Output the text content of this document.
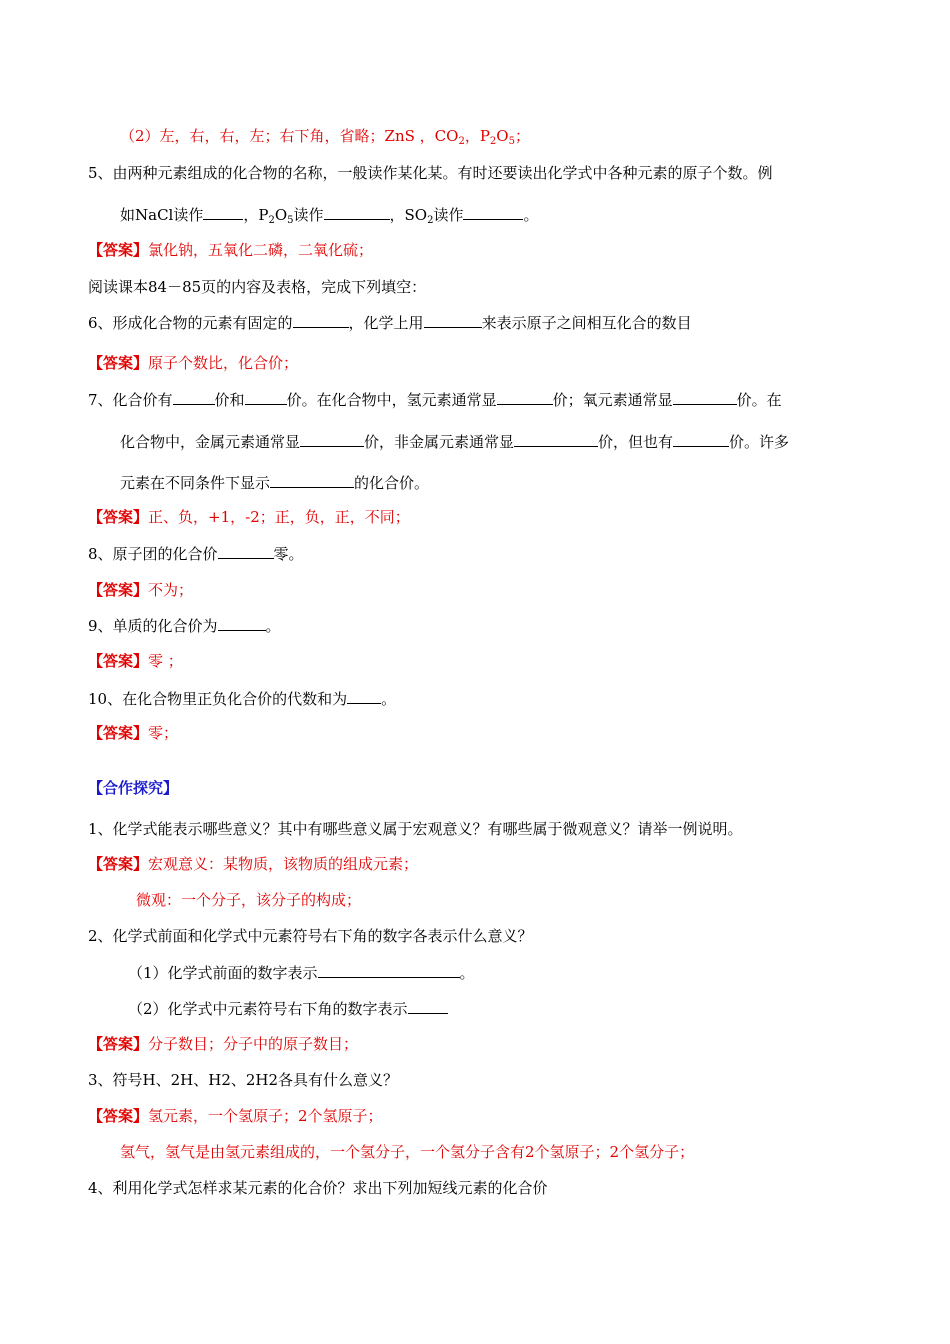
（2）左，右，右，左；右下角，省略；ZnS ，$CO_2$，$P_2O_5$；
5、由两种元素组成的化合物的名称，一般读作某化某。有时还要读出化学式中各种元素的原子个数。例
如NaCl读作	，$P_2O_5$读作	，$SO_2$读作	。
【答案】氯化钠，五氧化二磷，二氧化硫；
阅读课本84－85页的内容及表格，完成下列填空：
6、形成化合物的元素有固定的	，化学上用	来表示原子之间相互化合的数目
【答案】原子个数比，化合价；
7、化合价有	价和	价。在化合物中，氢元素通常显	价；氧元素通常显	价。在
化合物中，金属元素通常显	价，非金属元素通常显	价，但也有	价。许多
元素在不同条件下显示	的化合价。
【答案】正、负，+1，-2；正，负，正，不同；
8、原子团的化合价	零。
【答案】不为；
9、单质的化合价为	。
【答案】零 ；
10、在化合物里正负化合价的代数和为 。
【答案】零；
【合作探究】
1、化学式能表示哪些意义？其中有哪些意义属于宏观意义？有哪些属于微观意义？请举一例说明。
【答案】宏观意义：某物质，该物质的组成元素；
微观：一个分子，该分子的构成；
2、化学式前面和化学式中元素符号右下角的数字各表示什么意义？
（1）化学式前面的数字表示	。
（2）化学式中元素符号右下角的数字表示
【答案】分子数目；分子中的原子数目；
3、符号H、2H、H2、2H2各具有什么意义？
【答案】氢元素，一个氢原子；2个氢原子；
氢气，氢气是由氢元素组成的，一个氢分子，一个氢分子含有2个氢原子；2个氢分子；
4、利用化学式怎样求某元素的化合价？求出下列加短线元素的化合价
